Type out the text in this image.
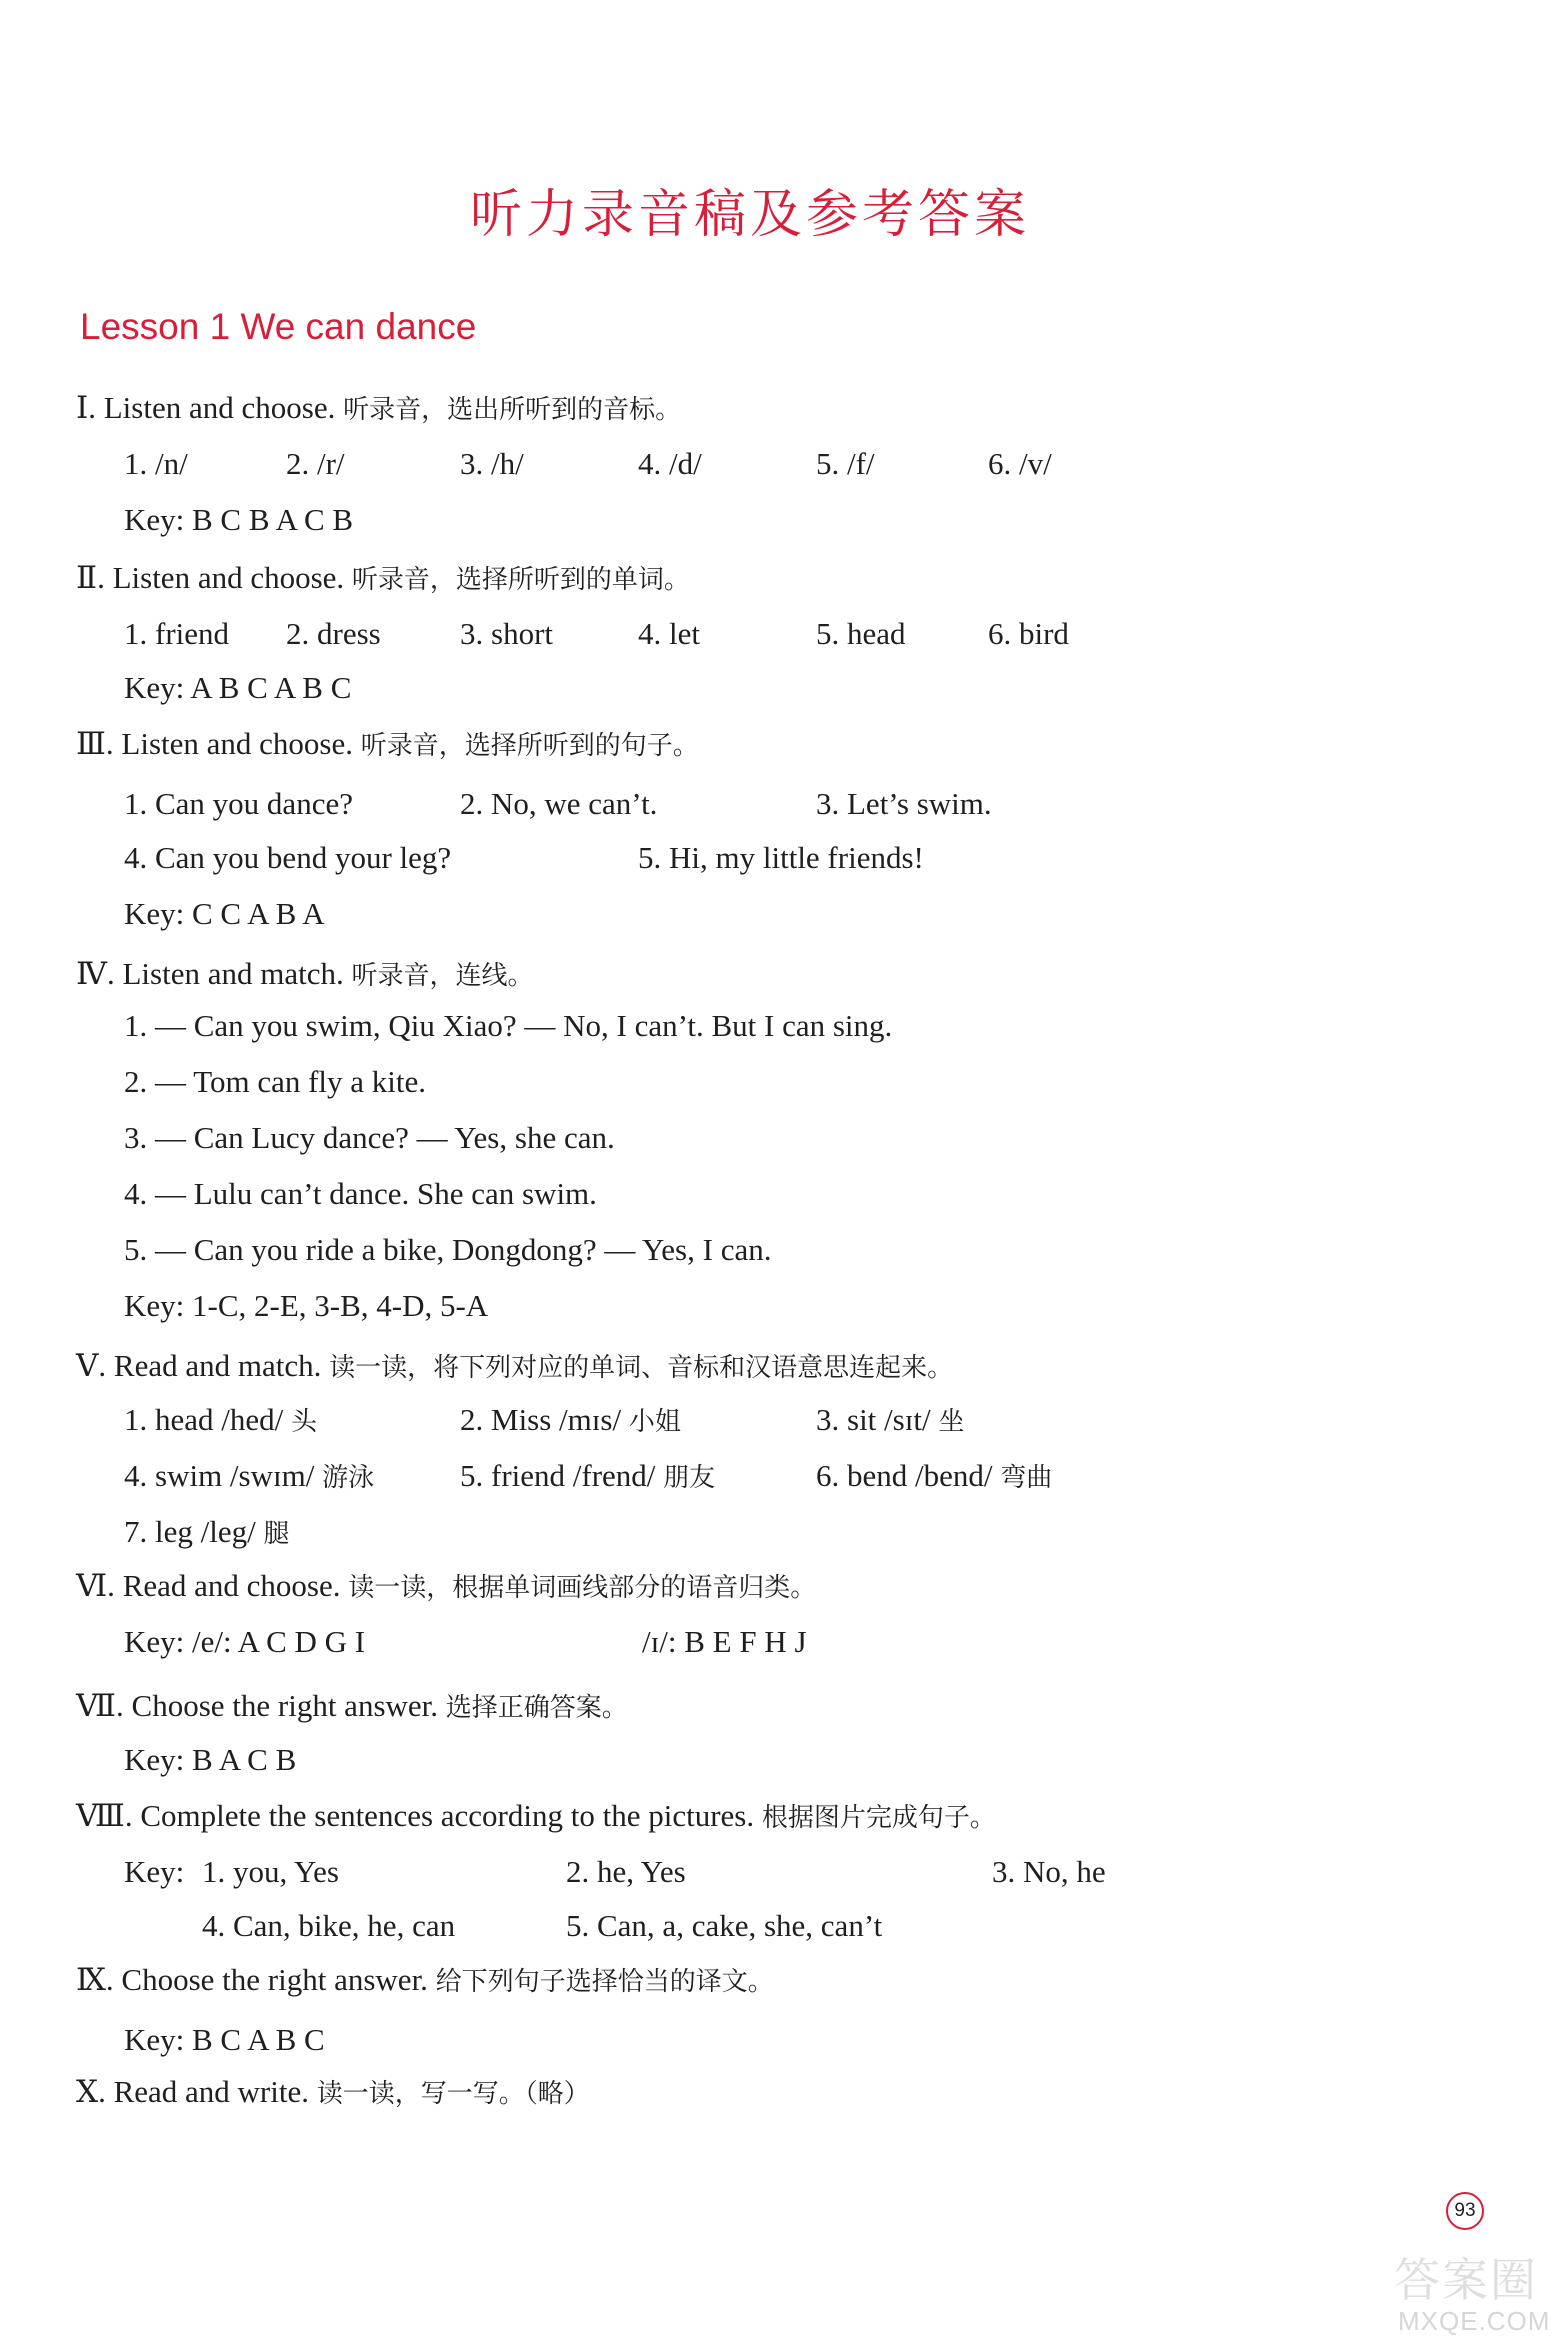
听力录音稿及参考答案
Lesson 1 We can dance
Ⅰ. Listen and choose. 听录音，选出所听到的音标。
1. /n/	2. /r/	3. /h/	4. /d/	5. /f/	6. /v/
Key: B C B A C B
Ⅱ. Listen and choose. 听录音，选择所听到的单词。
1. friend 2. dress	3. short	4. let	5. head	6. bird
Key: A B C A B C
Ⅲ. Listen and choose. 听录音，选择所听到的句子。
1. Can you dance?	2. No, we can’t.	3. Let’s swim.
4. Can you bend your leg?	5. Hi, my little friends!
Key: C C A B A
Ⅳ. Listen and match. 听录音，连线。
1. — Can you swim, Qiu Xiao? — No, I can’t. But I can sing.
2. — Tom can fly a kite.
3. — Can Lucy dance? — Yes, she can.
4. — Lulu can’t dance. She can swim.
5. — Can you ride a bike, Dongdong? — Yes, I can.
Key: 1-C, 2-E, 3-B, 4-D, 5-A
Ⅴ. Read and match. 读一读，将下列对应的单词、音标和汉语意思连起来。
1. head /hed/ 头	2. Miss /mɪs/ 小姐	3. sit /sɪt/ 坐
4. swim /swɪm/ 游泳	5. friend /frend/ 朋友	6. bend /bend/ 弯曲
7. leg /leg/ 腿
Ⅵ. Read and choose. 读一读，根据单词画线部分的语音归类。
Key: /e/: A C D G I	/ɪ/: B E F H J
Ⅶ. Choose the right answer. 选择正确答案。
Key: B A C B
Ⅷ. Complete the sentences according to the pictures. 根据图片完成句子。
Key: 1. you, Yes	2. he, Yes	3. No, he
4. Can, bike, he, can	5. Can, a, cake, she, can’t
Ⅸ. Choose the right answer. 给下列句子选择恰当的译文。
Key: B C A B C
Ⅹ. Read and write. 读一读，写一写。（略）
93
答案圈
MXQE.COM
